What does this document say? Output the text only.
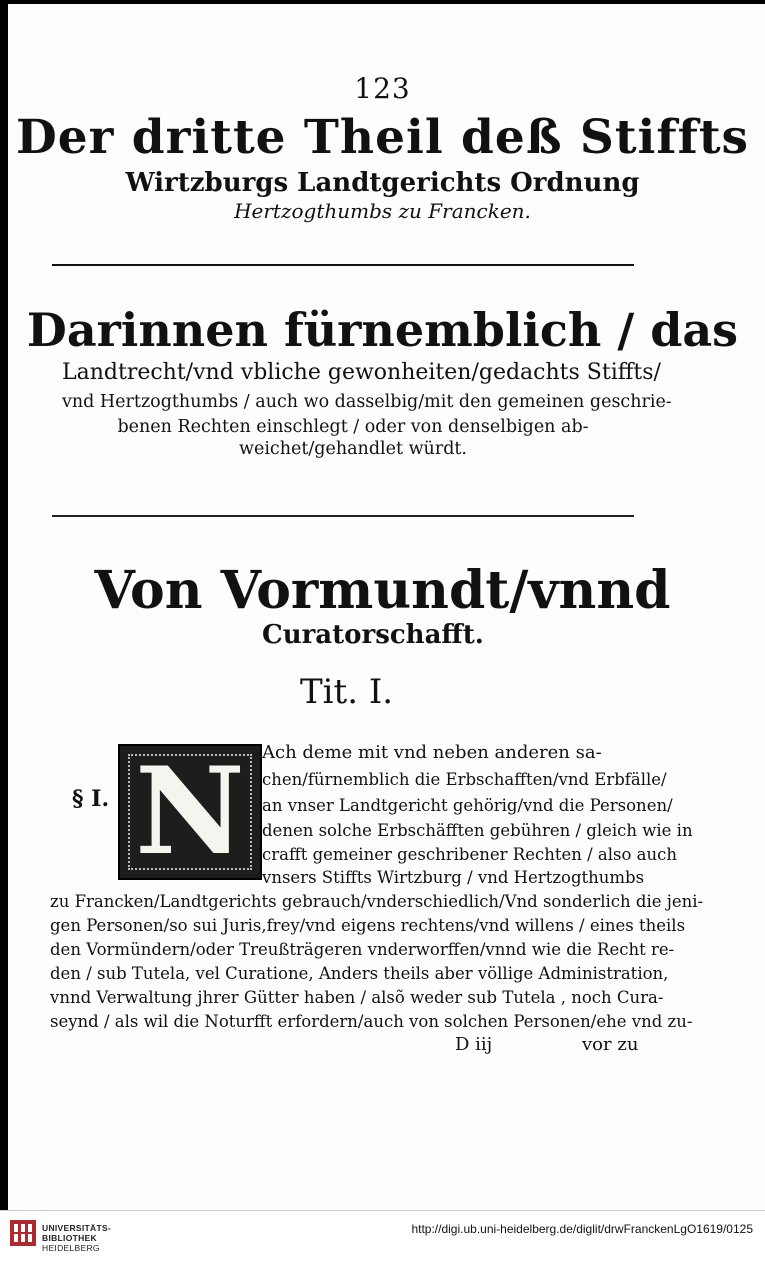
123
Der dritte Theil deß Stiffts
Wirtzburgs Landtgerichts Ordnung
Hertzogthumbs zu Francken.
Darinnen fürnemblich / das
Landtrecht/vnd vbliche gewonheiten/gedachts Stiffts/
vnd Hertzogthumbs / auch wo dasselbig/mit den gemeinen geschrie-
benen Rechten einschlegt / oder von denselbigen ab-
weichet/gehandlet würdt.
Von Vormundt/vnnd
Curatorschafft.
Tit. I.
§ I. N Ach deme mit vnd neben anderen sa-
chen/fürnemblich die Erbschafften/vnd Erbfälle/
an vnser Landtgericht gehörig/vnd die Personen/
denen solche Erbschäfften gebühren / gleich wie in
crafft gemeiner geschribener Rechten / also auch
vnsers Stiffts Wirtzburg / vnd Hertzogthumbs
zu Francken/Landtgerichts gebrauch/vnderschiedlich/Vnd sonderlich die jeni-
gen Personen/so sui Juris,frey/vnd eigens rechtens/vnd willens / eines theils
den Vormündern/oder Treußträgeren vnderworffen/vnnd wie die Recht re-
den / sub Tutela, vel Curatione, Anders theils aber völlige Administration,
vnnd Verwaltung jhrer Gütter haben / alsõ weder sub Tutela , noch Cura-
seynd / als wil die Noturfft erfordern/auch von solchen Personen/ehe vnd zu-
D iij	vor zu
UNIVERSITÄTS-
BIBLIOTHEK
HEIDELBERG
http://digi.ub.uni-heidelberg.de/diglit/drwFranckenLgO1619/0125
